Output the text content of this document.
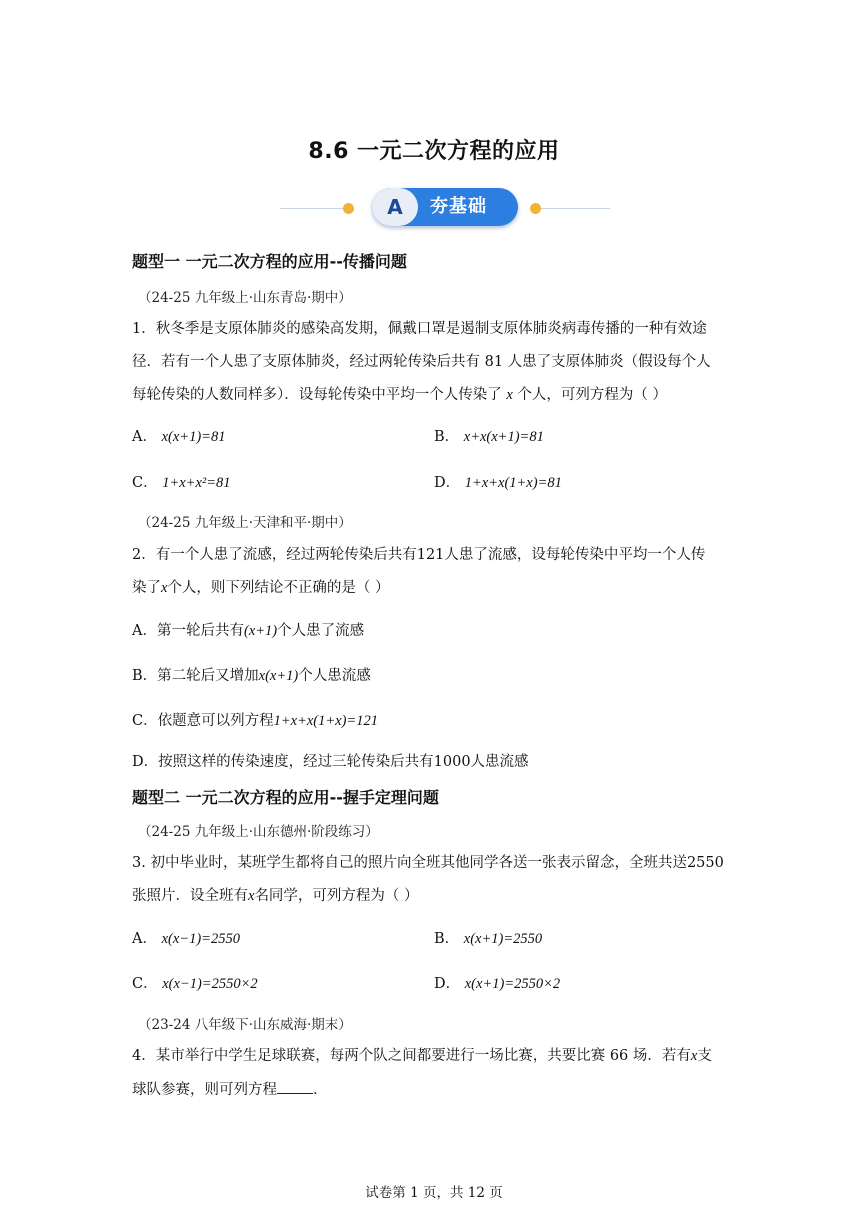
8.6 一元二次方程的应用
A	夯基础
题型一 一元二次方程的应用--传播问题
（24-25 九年级上·山东青岛·期中）
1．秋冬季是支原体肺炎的感染高发期，佩戴口罩是遏制支原体肺炎病毒传播的一种有效途
径．若有一个人患了支原体肺炎，经过两轮传染后共有 81 人患了支原体肺炎（假设每个人
每轮传染的人数同样多）．设每轮传染中平均一个人传染了 x 个人，可列方程为（ ）
A． x(x+1)=81	B． x+x(x+1)=81
C． 1+x+x²=81	D． 1+x+x(1+x)=81
（24-25 九年级上·天津和平·期中）
2．有一个人患了流感，经过两轮传染后共有121人患了流感，设每轮传染中平均一个人传
染了x个人，则下列结论不正确的是（ ）
A．第一轮后共有(x+1)个人患了流感
B．第二轮后又增加x(x+1)个人患流感
C．依题意可以列方程1+x+x(1+x)=121
D．按照这样的传染速度，经过三轮传染后共有1000人患流感
题型二 一元二次方程的应用--握手定理问题
（24-25 九年级上·山东德州·阶段练习）
3. 初中毕业时，某班学生都将自己的照片向全班其他同学各送一张表示留念，全班共送2550
张照片．设全班有x名同学，可列方程为（ ）
A． x(x−1)=2550	B． x(x+1)=2550
C． x(x−1)=2550×2	D． x(x+1)=2550×2
（23-24 八年级下·山东威海·期末）
4．某市举行中学生足球联赛，每两个队之间都要进行一场比赛，共要比赛 66 场．若有x支
球队参赛，则可列方程 ．
试卷第 1 页，共 12 页
